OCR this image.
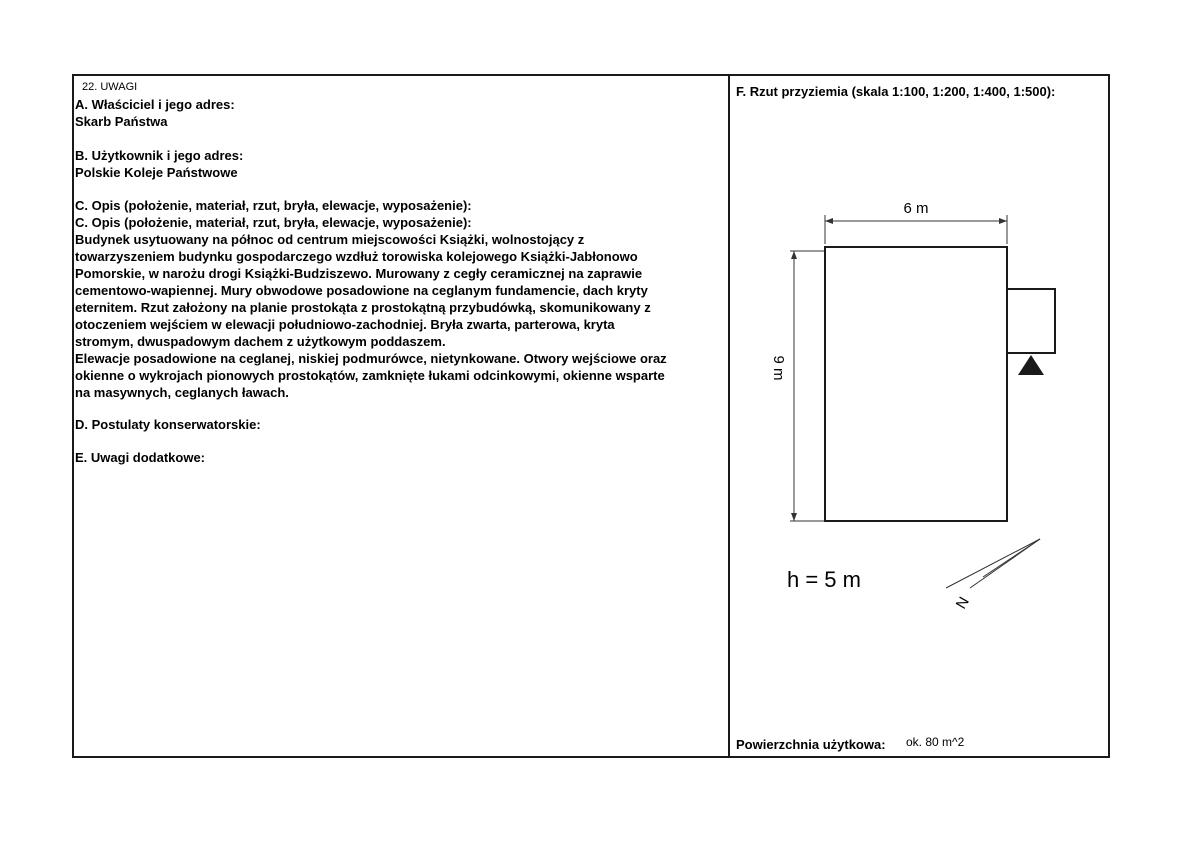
22. UWAGI
A. Właściciel i jego adres:
Skarb Państwa
B. Użytkownik i jego adres:
Polskie Koleje Państwowe
C. Opis (położenie, materiał, rzut, bryła, elewacje, wyposażenie):
C. Opis (położenie, materiał, rzut, bryła, elewacje, wyposażenie):
Budynek usytuowany na północ od centrum miejscowości Książki, wolnostojący z
towarzyszeniem budynku gospodarczego wzdłuż torowiska kolejowego Książki-Jabłonowo
Pomorskie, w narożu drogi Książki-Budziszewo. Murowany z cegły ceramicznej na zaprawie
cementowo-wapiennej. Mury obwodowe posadowione na ceglanym fundamencie, dach kryty
eternitem. Rzut założony na planie prostokąta z prostokątną przybudówką, skomunikowany z
otoczeniem wejściem w elewacji południowo-zachodniej. Bryła zwarta, parterowa, kryta
stromym, dwuspadowym dachem z użytkowym poddaszem.
Elewacje posadowione na ceglanej, niskiej podmurówce, nietynkowane. Otwory wejściowe oraz
okienne o wykrojach pionowych prostokątów, zamknięte łukami odcinkowymi, okienne wsparte
na masywnych, ceglanych ławach.
D. Postulaty konserwatorskie:
E. Uwagi dodatkowe:
F. Rzut przyziemia (skala 1:100, 1:200, 1:400, 1:500):
6 m
9 m
N
h = 5 m
Powierzchnia użytkowa: ok. 80 m^2
